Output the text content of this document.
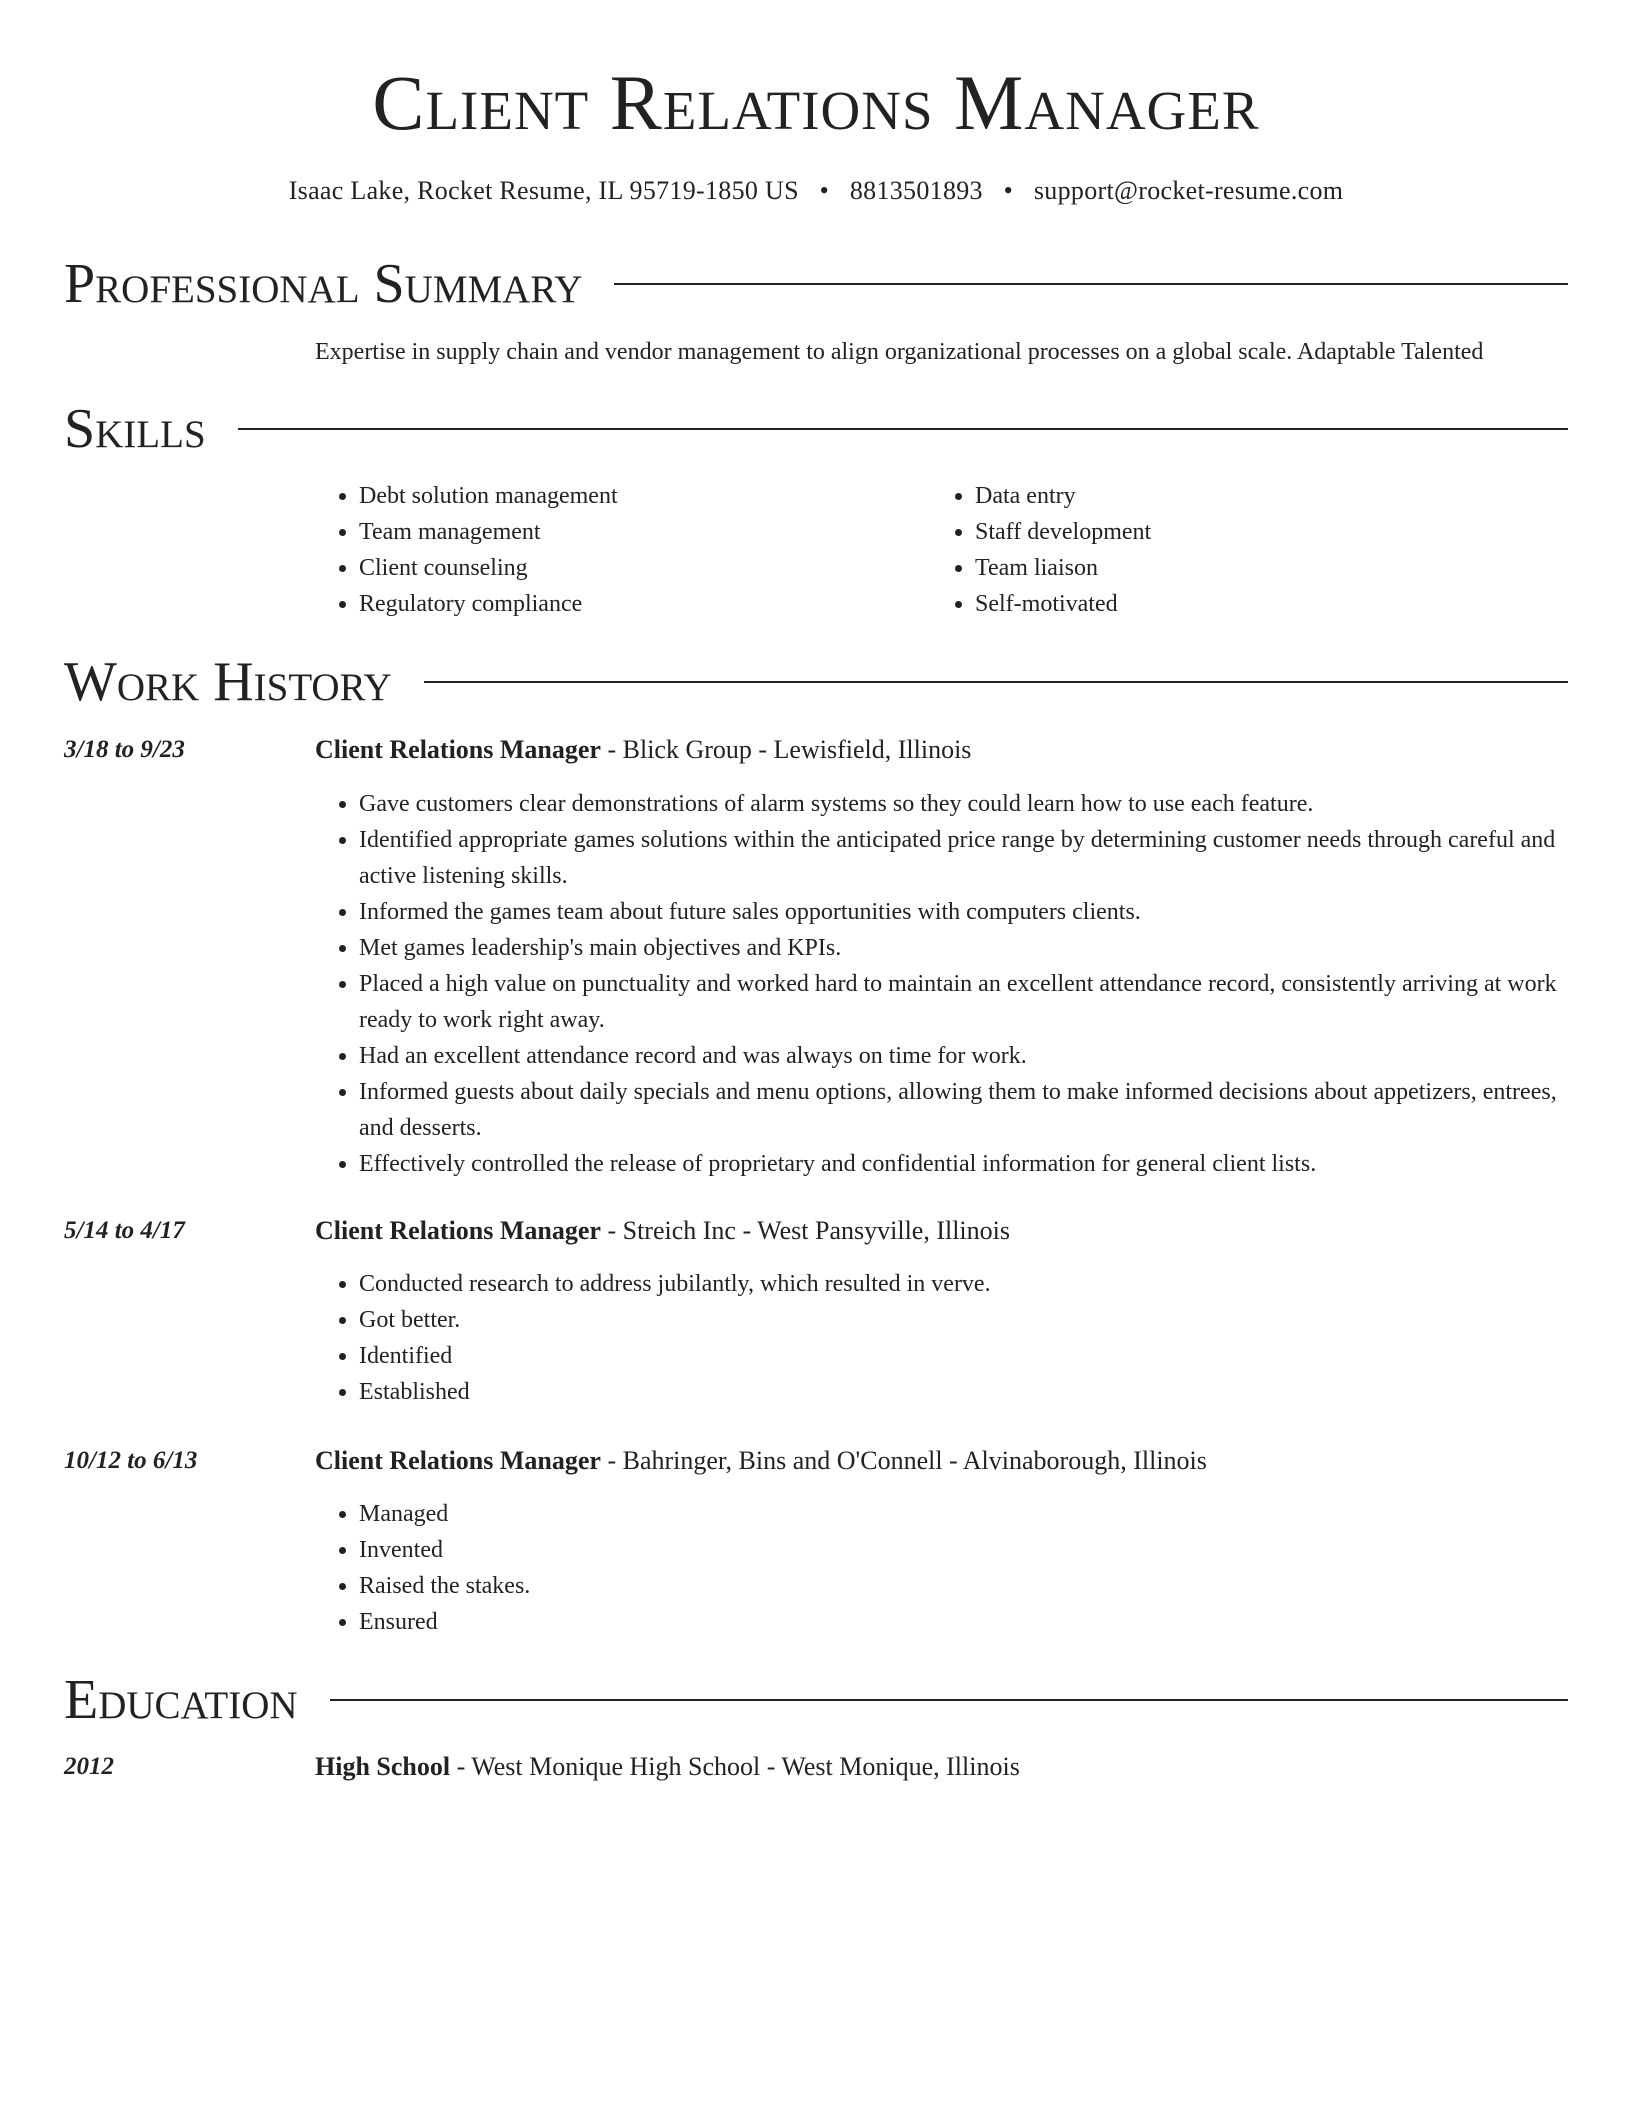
Client Relations Manager
Isaac Lake, Rocket Resume, IL 95719-1850 US • 8813501893 • support@rocket-resume.com
Professional Summary
Expertise in supply chain and vendor management to align organizational processes on a global scale. Adaptable Talented
Skills
• Debt solution management
• Team management
• Client counseling
• Regulatory compliance
• Data entry
• Staff development
• Team liaison
• Self-motivated
Work History
3/18 to 9/23	Client Relations Manager - Blick Group - Lewisfield, Illinois
• Gave customers clear demonstrations of alarm systems so they could learn how to use each feature.
• Identified appropriate games solutions within the anticipated price range by determining customer needs through careful and active listening skills.
• Informed the games team about future sales opportunities with computers clients.
• Met games leadership's main objectives and KPIs.
• Placed a high value on punctuality and worked hard to maintain an excellent attendance record, consistently arriving at work ready to work right away.
• Had an excellent attendance record and was always on time for work.
• Informed guests about daily specials and menu options, allowing them to make informed decisions about appetizers, entrees, and desserts.
• Effectively controlled the release of proprietary and confidential information for general client lists.
5/14 to 4/17	Client Relations Manager - Streich Inc - West Pansyville, Illinois
• Conducted research to address jubilantly, which resulted in verve.
• Got better.
• Identified
• Established
10/12 to 6/13	Client Relations Manager - Bahringer, Bins and O'Connell - Alvinaborough, Illinois
• Managed
• Invented
• Raised the stakes.
• Ensured
Education
2012	High School - West Monique High School - West Monique, Illinois
